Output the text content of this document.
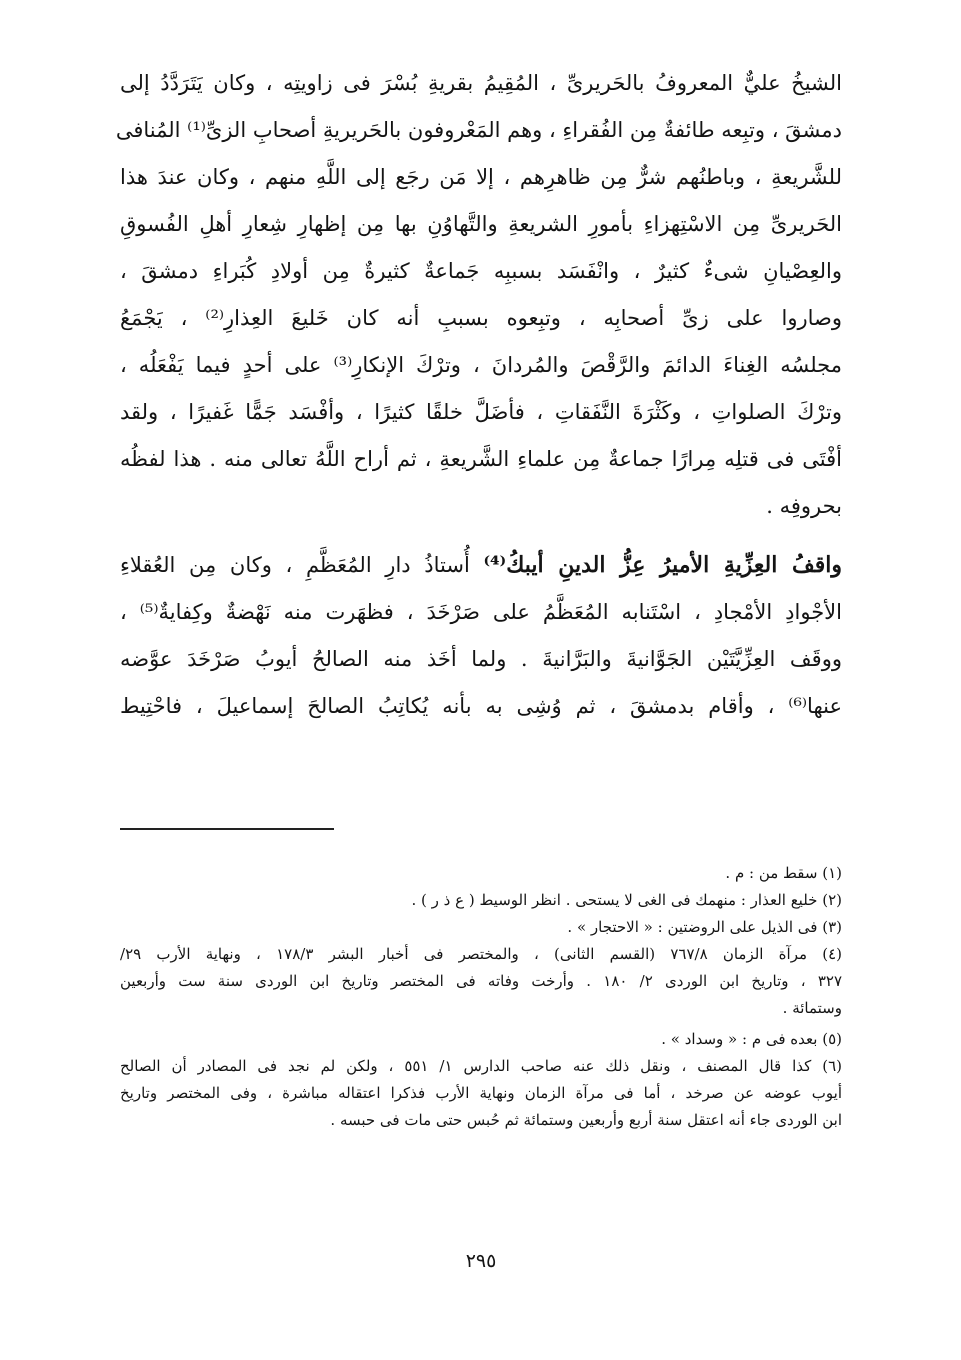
الشيخُ عليٌّ المعروفُ بالحَريرىِّ ، المُقِيمُ بقريةِ بُسْرَ فى زاويتِه ، وكان يَتَرَدَّدُ إلى
دمشقَ ، وتبِعه طائفةٌ مِن الفُقراءِ ، وهم المَعْروفون بالحَريريةِ أصحابِ الزىِّ⁽¹⁾ المُنافى
للشَّريعةِ ، وباطنُهم شرٌّ مِن ظاهرِهم ، إلا مَن رجَع إلى اللَّهِ منهم ، وكان عندَ هذا
الحَريرىِّ مِن الاسْتِهزاءِ بأمورِ الشريعةِ والتَّهاوُنِ بها مِن إظهارِ شِعارِ أهلِ الفُسوقِ
والعِصْيانِ شىءٌ كثيرٌ ، وانْفَسَد بسببِه جَماعةٌ كثيرةٌ مِن أولادِ كُبَراءِ دمشقَ ،
وصاروا على زىِّ أصحابِه ، وتبِعوه بسببِ أنه كان خَليعَ العِذارِ⁽²⁾ ، يَجْمَعُ
مجلسُه الغِناءَ الدائمَ والرَّقْصَ والمُردانَ ، وترْكَ الإنكارِ⁽³⁾ على أحدٍ فيما يَفْعَلُه ،
وترْكَ الصلواتِ ، وكَثْرَةَ النَّفَقاتِ ، فأضَلَّ خلقًا كثيرًا ، وأفْسَد جَمًّا غَفيرًا ، ولقد
أفْتَى فى قتلِه مِرارًا جماعةٌ مِن علماءِ الشَّريعةِ ، ثم أراح اللَّهُ تعالى منه . هذا لفظُه
بحروفِه .
واقفُ العِزِّيةِ الأميرُ عِزُّ الدينِ أيبكُ⁽⁴⁾ أُستاذُ دارِ المُعَظَّمِ ، وكان مِن العُقلاءِ
الأجْوادِ الأمْجادِ ، اسْتَنابه المُعَظَّمُ على صَرْخَدَ ، فظهَرت منه نَهْضةٌ وكِفايةٌ⁽⁵⁾ ،
ووقَف العِزِّيَّتَيْن الجَوَّانيةَ والبَرَّانيةَ . ولما أخَذ منه الصالحُ أيوبُ صَرْخَدَ عوَّضه
عنها⁽⁶⁾ ، وأقام بدمشقَ ، ثم وُشِى به بأنه يُكاتِبُ الصالحَ إسماعيلَ ، فاحْتِيط
(١) سقط من : م .
(٢) خليع العذار : منهمك فى الغى لا يستحى . انظر الوسيط ( ع ذ ر ) .
(٣) فى الذيل على الروضتين : « الاحتجار » .
(٤) مرآة الزمان ٧٦٧/٨ (القسم الثانى) ، والمختصر فى أخبار البشر ١٧٨/٣ ، ونهاية الأرب ٢٩/
٣٢٧ ، وتاريخ ابن الوردى ٢/ ١٨٠ . وأرخت وفاته فى المختصر وتاريخ ابن الوردى سنة ست وأربعين
وستمائة .
(٥) بعده فى م : « وسداد » .
(٦) كذا قال المصنف ، ونقل ذلك عنه صاحب الدارس ١/ ٥٥١ ، ولكن لم نجد فى المصادر أن الصالح
أيوب عوضه عن صرخد ، أما فى مرآة الزمان ونهاية الأرب فذكرا اعتقاله مباشرة ، وفى المختصر وتاريخ
ابن الوردى جاء أنه اعتقل سنة أربع وأربعين وستمائة ثم حُبس حتى مات فى حبسه .
٢٩٥
